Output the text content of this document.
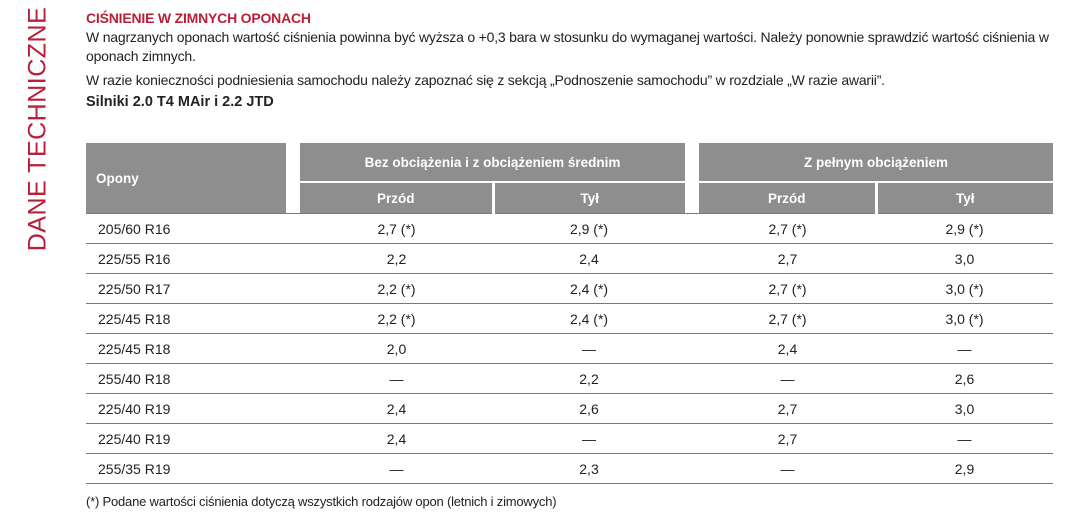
DANE TECHNICZNE CIŚNIENIE W ZIMNYCH OPONACH

W nagrzanych oponach wartość ciśnienia powinna być wyższa o +0,3 bara w stosunku do wymaganej wartości. Należy ponownie sprawdzić wartość ciśnienia w oponach zimnych.

W razie konieczności podniesienia samochodu należy zapoznać się z sekcją „Podnoszenie samochodu” w rozdziale „W razie awarii”.

Silniki 2.0 T4 MAir i 2.2 JTD
Opony		Bez obciążenia i z obciążeniem średnim			Z pełnym obciążeniem	
		Przód	Tył		Przód	Tył
205/60 R16		2,7 (*)	2,9 (*)		2,7 (*)	2,9 (*)
225/55 R16		2,2	2,4		2,7	3,0
225/50 R17		2,2 (*)	2,4 (*)		2,7 (*)	3,0 (*)
225/45 R18		2,2 (*)	2,4 (*)		2,7 (*)	3,0 (*)
225/45 R18		2,0	—		2,4	—
255/40 R18		—	2,2		—	2,6
225/40 R19		2,4	2,6		2,7	3,0
225/40 R19		2,4	—		2,7	—
255/35 R19		—	2,3		—	2,9
(*) Podane wartości ciśnienia dotyczą wszystkich rodzajów opon (letnich i zimowych)
